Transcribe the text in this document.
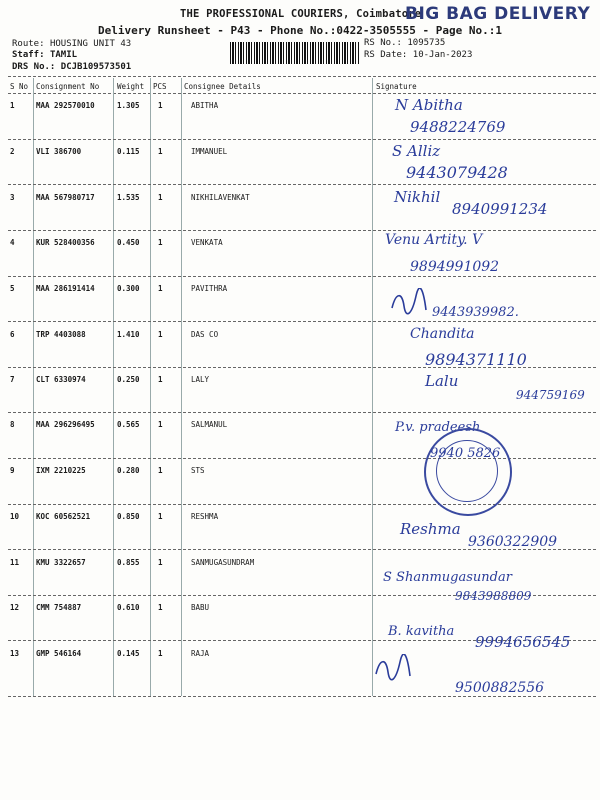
THE PROFESSIONAL COURIERS, Coimbatore
BIG BAG DELIVERY
Delivery Runsheet - P43 - Phone No.:0422-3505555 - Page No.:1
Route: HOUSING UNIT 43
Staff: TAMIL
DRS No.: DCJB109573501
RS No.: 1095735
RS Date: 10-Jan-2023
S No Consignment No Weight PCS Consignee Details	Signature
1	MAA 292570010	1.305 1	ABITHA	N Abitha
9488224769
2	VLI 386700	0.115 1	IMMANUEL	S Alliz
9443079428
3	MAA 567980717	1.535 1	NIKHILAVENKAT	Nikhil
8940991234
4	KUR 528400356	0.450 1	VENKATA	Venu Artity. V
9894991092
5	MAA 286191414	0.300 1	PAVITHRA
9443939982.
6	TRP 4403088	1.410 1	DAS CO	Chandita
9894371110
7	CLT 6330974	0.250 1	LALY	Lalu
944759169
8	MAA 296296495	0.565 1	SALMANUL	P.v. pradeesh
9	IXM 2210225	0.280 1	STS
9940 5826
10 KOC 60562521	0.850 1	RESHMA
Reshma
9360322909
11 KMU 3322657	0.855 1	SANMUGASUNDRAM
S Shanmugasundar
9843988809
12 CMM 754887	0.610 1	BABU
B. kavitha
9994656545
13 GMP 546164	0.145 1	RAJA
9500882556
